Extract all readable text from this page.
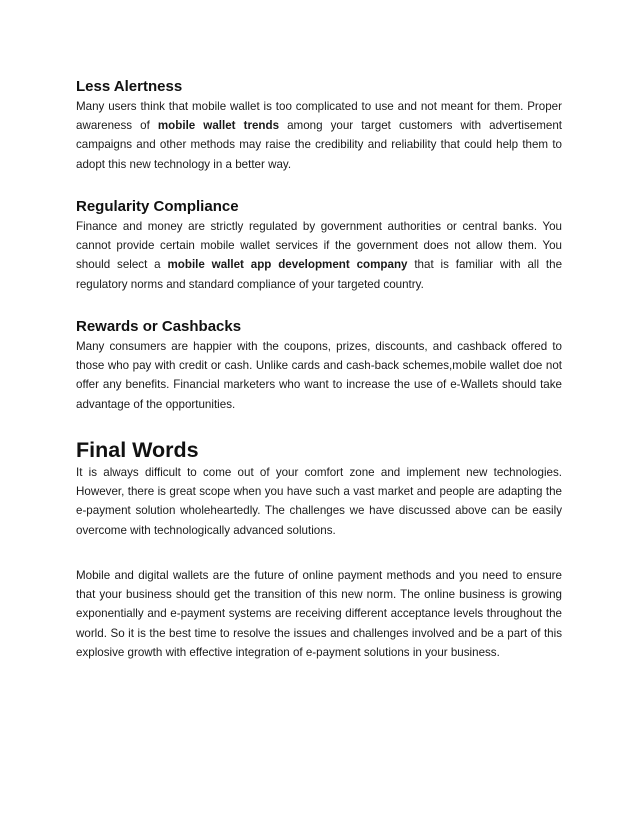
Less Alertness

Many users think that mobile wallet is too complicated to use and not meant for them. Proper awareness of mobile wallet trends among your target customers with advertisement campaigns and other methods may raise the credibility and reliability that could help them to adopt this new technology in a better way.

Regularity Compliance

Finance and money are strictly regulated by government authorities or central banks. You cannot provide certain mobile wallet services if the government does not allow them. You should select a mobile wallet app development company that is familiar with all the regulatory norms and standard compliance of your targeted country.

Rewards or Cashbacks

Many consumers are happier with the coupons, prizes, discounts, and cashback offered to those who pay with credit or cash. Unlike cards and cash-back schemes,mobile wallet doe not offer any benefits. Financial marketers who want to increase the use of e-Wallets should take advantage of the opportunities.

Final Words

It is always difficult to come out of your comfort zone and implement new technologies. However, there is great scope when you have such a vast market and people are adapting the e-payment solution wholeheartedly. The challenges we have discussed above can be easily overcome with technologically advanced solutions.

Mobile and digital wallets are the future of online payment methods and you need to ensure that your business should get the transition of this new norm. The online business is growing exponentially and e-payment systems are receiving different acceptance levels throughout the world. So it is the best time to resolve the issues and challenges involved and be a part of this explosive growth with effective integration of e-payment solutions in your business.
